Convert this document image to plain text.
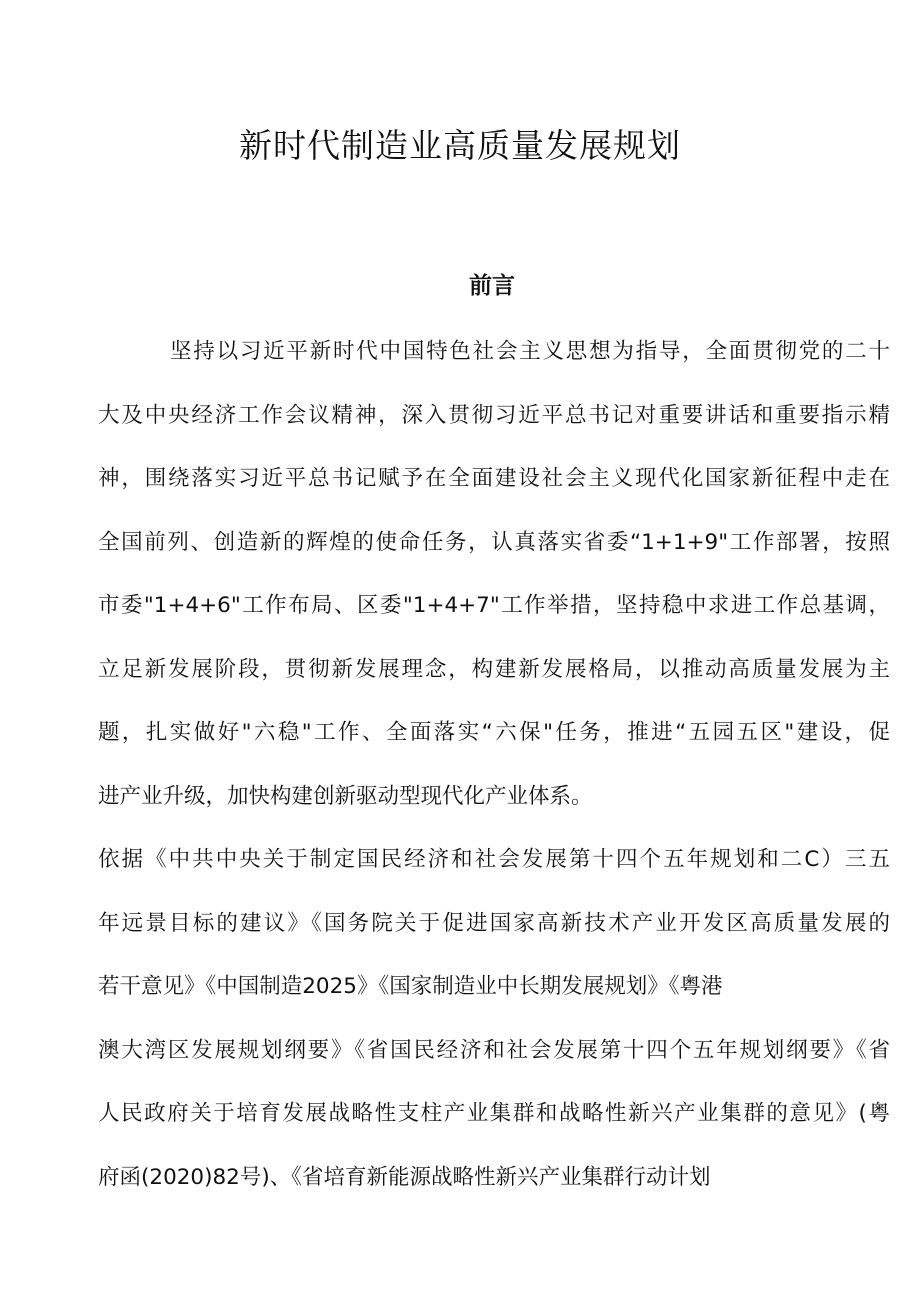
新时代制造业高质量发展规划
前言

坚持以习近平新时代中国特色社会主义思想为指导，全面贯彻党的二十
大及中央经济工作会议精神，深入贯彻习近平总书记对重要讲话和重要指示精
神，围绕落实习近平总书记赋予在全面建设社会主义现代化国家新征程中走在
全国前列、创造新的辉煌的使命任务，认真落实省委“1+1+9"工作部署，按照
市委"1+4+6"工作布局、区委"1+4+7"工作举措，坚持稳中求进工作总基调，
立足新发展阶段，贯彻新发展理念，构建新发展格局，以推动高质量发展为主
题，扎实做好"六稳"工作、全面落实“六保"任务，推进“五园五区"建设，促
进产业升级，加快构建创新驱动型现代化产业体系。

依据《中共中央关于制定国民经济和社会发展第十四个五年规划和二C）三五
年远景目标的建议》《国务院关于促进国家高新技术产业开发区高质量发展的
若干意见》《中国制造2025》《国家制造业中长期发展规划》《粤港
澳大湾区发展规划纲要》《省国民经济和社会发展第十四个五年规划纲要》《省
人民政府关于培育发展战略性支柱产业集群和战略性新兴产业集群的意见》(粤
府函(2020)82号)、《省培育新能源战略性新兴产业集群行动计划
